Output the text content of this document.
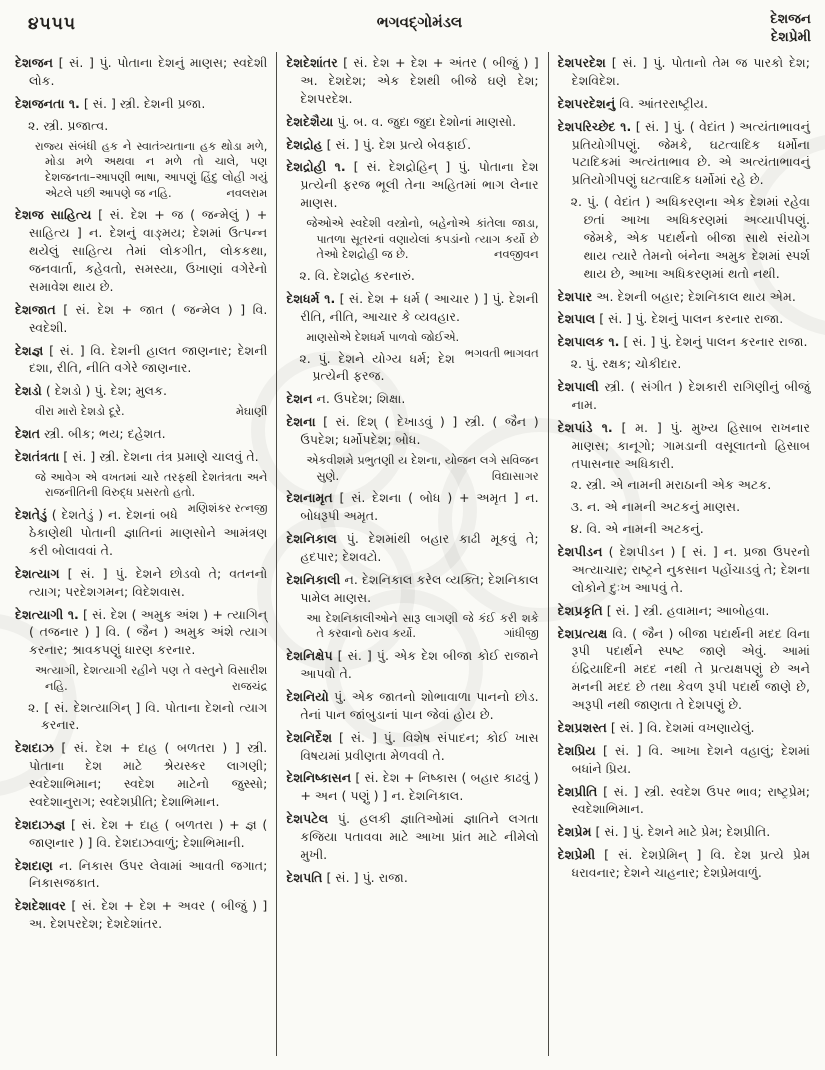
૪૫૫૫	ભગવદ્ગોમંડલ	દેશજન
દેશપ્રેમી
દેશજન [ સં. ] પું. પોતાના દેશનું માણસ; સ્વદેશી લોક.
દેશજનતા ૧. [ સં. ] સ્ત્રી. દેશની પ્રજા.
૨. સ્ત્રી. પ્રજાત્વ.
રાજ્ય સંબંધી હક ને સ્વાતંત્ર્યતાના હક થોડા મળે, મોડા મળે અથવા ન મળે તો ચાલે, પણ દેશજનતા–આપણી ભાષા, આપણું હિંદુ લોહી ગયું એટલે પછી આપણે જ નહિ.	નવલરામ
દેશજ સાહિત્ય [ સં. દેશ + જ ( જન્મેલું ) + સાહિત્ય ] ન. દેશનું વાઙ્મય; દેશમાં ઉત્પન્ન થયેલું સાહિત્ય તેમાં લોકગીત, લોકકથા, જનવાર્તા, કહેવતો, સમસ્યા, ઉખાણાં વગેરેનો સમાવેશ થાય છે.
દેશજાત [ સં. દેશ + જાત ( જન્મેલ ) ] વિ. સ્વદેશી.
દેશજ્ઞ [ સં. ] વિ. દેશની હાલત જાણનાર; દેશની દશા, રીતિ, નીતિ વગેરે જાણનાર.
દેશડો ( દેશડો ) પું. દેશ; મુલક.
વીરા મારો દેશડો દૂરે.	મેઘાણી
દેશત સ્ત્રી. બીક; ભય; દહેશત.
દેશતંત્રતા [ સં. ] સ્ત્રી. દેશના તંત્ર પ્રમાણે ચાલવું તે.
જે આવેગ એ વખતમાં ચારે તરફથી દેશતંત્રતા અને રાજનીતિની વિરુદ્ધ પ્રસરતો હતો.
મણિશંકર રત્નજી
દેશતેડું ( દેશતેડું ) ન. દેશનાં બધે ઠેકાણેથી પોતાની જ્ઞાતિનાં માણસોને આમંત્રણ કરી બોલાવવાં તે.
દેશત્યાગ [ સં. ] પું. દેશને છોડવો તે; વતનનો ત્યાગ; પરદેશગમન; વિદેશવાસ.
દેશત્યાગી ૧. [ સં. દેશ ( અમુક અંશ ) + ત્યાગિન્ ( તજનાર ) ] વિ. ( જૈન ) અમુક અંશે ત્યાગ કરનાર; શ્રાવકપણું ધારણ કરનાર.
અત્યાગી, દેશત્યાગી રહીને પણ તે વસ્તુને વિસારીશ નહિ.	રાજચંદ્ર
૨. [ સં. દેશત્યાગિન્ ] વિ. પોતાના દેશનો ત્યાગ કરનાર.
દેશદાઝ [ સં. દેશ + દાહ ( બળતરા ) ] સ્ત્રી. પોતાના દેશ માટે શ્રેયસ્કર લાગણી; સ્વદેશાભિમાન; સ્વદેશ માટેનો જુસ્સો; સ્વદેશાનુરાગ; સ્વદેશપ્રીતિ; દેશાભિમાન.
દેશદાઝજ્ઞ [ સં. દેશ + દાહ ( બળતરા ) + જ્ઞ ( જાણનાર ) ] વિ. દેશદાઝવાળું; દેશાભિમાની.
દેશદાણ ન. નિકાસ ઉપર લેવામાં આવતી જગાત; નિકાસજકાત.
દેશદેશાવર [ સં. દેશ + દેશ + અવર ( બીજું ) ] અ. દેશપરદેશ; દેશદેશાંતર.
દેશદેશાંતર [ સં. દેશ + દેશ + અંતર ( બીજું ) ] અ. દેશદેશ; એક દેશથી બીજે ઘણે દેશ; દેશપરદેશ.
દેશદેશૈયા પું. બ. વ. જુદા જુદા દેશોનાં માણસો.
દેશદ્રોહ [ સં. ] પું. દેશ પ્રત્યે બેવફાઈ.
દેશદ્રોહી ૧. [ સં. દેશદ્રોહિન્ ] પું. પોતાના દેશ પ્રત્યેની ફરજ ભૂલી તેના અહિતમાં ભાગ લેનાર માણસ.
જેઓએ સ્વદેશી વસ્ત્રોનો, બહેનોએ કાંતેલા જાડા, પાતળા સૂતરનાં વણાયેલાં કપડાંનો ત્યાગ કર્યો છે તેઓ દેશદ્રોહી જ છે.	નવજીવન
૨. વિ. દેશદ્રોહ કરનારું.
દેશધર્મ ૧. [ સં. દેશ + ધર્મ ( આચાર ) ] પું. દેશની રીતિ, નીતિ, આચાર કે વ્યવહાર.
માણસોએ દેશધર્મ પાળવો જોઈએ.
ભગવતી ભાગવત
૨. પું. દેશને યોગ્ય ધર્મ; દેશ પ્રત્યેની ફરજ.
દેશન ન. ઉપદેશ; શિક્ષા.
દેશના [ સં. દિશ્ ( દેખાડવું ) ] સ્ત્રી. ( જૈન ) ઉપદેશ; ધર્મોપદેશ; બોધ.
એકવીશમે પ્રભુતણી ય દેશના, યોજન લગે સવિજન સુણે.	વિદ્યાસાગર
દેશનામૃત [ સં. દેશના ( બોધ ) + અમૃત ] ન. બોધરૂપી અમૃત.
દેશનિકાલ પું. દેશમાંથી બહાર કાઢી મૂકવું તે; હદપાર; દેશવટો.
દેશનિકાલી ન. દેશનિકાલ કરેલ વ્યક્તિ; દેશનિકાલ પામેલ માણસ.
આ દેશનિકાલીઓને સારૂ લાગણી જે કંઈ કરી શકે તે કરવાનો ઠરાવ કર્યો.	ગાંધીજી
દેશનિક્ષેપ [ સં. ] પું. એક દેશ બીજા કોઈ રાજાને આપવો તે.
દેશનિયો પું. એક જાતનો શોભાવાળા પાનનો છોડ. તેનાં પાન જાંબુડાનાં પાન જેવાં હોય છે.
દેશનિર્દેશ [ સં. ] પું. વિશેષ સંપાદન; કોઈ ખાસ વિષયમાં પ્રવીણતા મેળવવી તે.
દેશનિષ્કાસન [ સં. દેશ + નિષ્કાસ ( બહાર કાઢવું ) + અન ( પણું ) ] ન. દેશનિકાલ.
દેશપટેલ પું. હલકી જ્ઞાતિઓમાં જ્ઞાતિને લગતા કજિયા પતાવવા માટે આખા પ્રાંત માટે નીમેલો મુખી.
દેશપતિ [ સં. ] પું. રાજા.
દેશપરદેશ [ સં. ] પું. પોતાનો તેમ જ પારકો દેશ; દેશવિદેશ.
દેશપરદેશનું વિ. આંતરરાષ્ટ્રીય.
દેશપરિચ્છેદ ૧. [ સં. ] પું. ( વેદાંત ) અત્યંતાભાવનું પ્રતિયોગીપણું. જેમકે, ઘટત્વાદિક ધર્મોના પટાદિકમાં અત્યંતાભાવ છે. એ અત્યંતાભાવનું પ્રતિયોગીપણું ઘટત્વાદિક ધર્મોમાં રહે છે.
૨. પું. ( વેદાંત ) અધિકરણના એક દેશમાં રહેવા છતાં આખા અધિકરણમાં અવ્યાપીપણું. જેમકે, એક પદાર્થનો બીજા સાથે સંયોગ થાય ત્યારે તેમનો બંનેના અમુક દેશમાં સ્પર્શ થાય છે, આખા અધિકરણમાં થતો નથી.
દેશપાર અ. દેશની બહાર; દેશનિકાલ થાય એમ.
દેશપાલ [ સં. ] પું. દેશનું પાલન કરનાર રાજા.
દેશપાલક ૧. [ સં. ] પું. દેશનું પાલન કરનાર રાજા.
૨. પું. રક્ષક; ચોકીદાર.
દેશપાલી સ્ત્રી. ( સંગીત ) દેશકારી રાગિણીનું બીજું નામ.
દેશપાંડે ૧. [ મ. ] પું. મુખ્ય હિસાબ રાખનાર માણસ; કાનૂગો; ગામડાની વસૂલાતનો હિસાબ તપાસનાર અધિકારી.
૨. સ્ત્રી. એ નામની મરાઠાની એક અટક.
૩. ન. એ નામની અટકનું માણસ.
૪. વિ. એ નામની અટકનું.
દેશપીડન ( દેશપીડન ) [ સં. ] ન. પ્રજા ઉપરનો અત્યાચાર; રાષ્ટ્રને નુકસાન પહોંચાડવું તે; દેશના લોકોને દુઃખ આપવું તે.
દેશપ્રકૃતિ [ સં. ] સ્ત્રી. હવામાન; આબોહવા.
દેશપ્રત્યક્ષ વિ. ( જૈન ) બીજા પદાર્થની મદદ વિના રૂપી પદાર્થને સ્પષ્ટ જાણે એવું. આમાં ઇંદ્રિયાદિની મદદ નથી તે પ્રત્યક્ષપણું છે અને મનની મદદ છે તથા કેવળ રૂપી પદાર્થ જાણે છે, અરૂપી નથી જાણતા તે દેશપણું છે.
દેશપ્રશસ્ત [ સં. ] વિ. દેશમાં વખણાયેલું.
દેશપ્રિય [ સં. ] વિ. આખા દેશને વહાલું; દેશમાં બધાંને પ્રિય.
દેશપ્રીતિ [ સં. ] સ્ત્રી. સ્વદેશ ઉપર ભાવ; રાષ્ટ્રપ્રેમ; સ્વદેશાભિમાન.
દેશપ્રેમ [ સં. ] પું. દેશને માટે પ્રેમ; દેશપ્રીતિ.
દેશપ્રેમી [ સં. દેશપ્રેમિન્ ] વિ. દેશ પ્રત્યે પ્રેમ ધરાવનાર; દેશને ચાહનાર; દેશપ્રેમવાળું.
